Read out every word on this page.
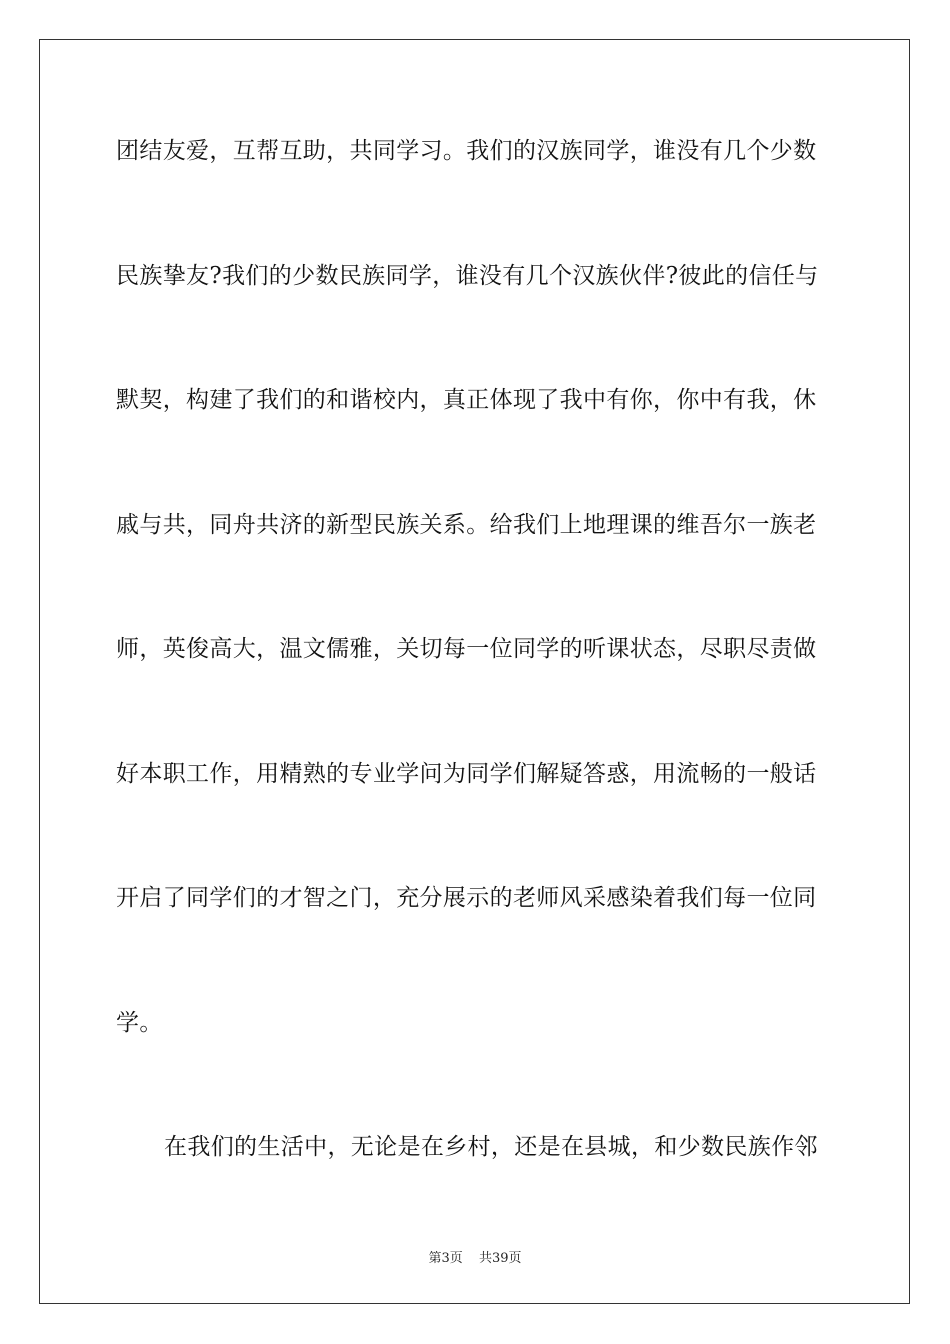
团结友爱，互帮互助，共同学习。我们的汉族同学，谁没有几个少数
民族挚友?我们的少数民族同学，谁没有几个汉族伙伴?彼此的信任与
默契，构建了我们的和谐校内，真正体现了我中有你，你中有我，休
戚与共，同舟共济的新型民族关系。给我们上地理课的维吾尔一族老
师，英俊高大，温文儒雅，关切每一位同学的听课状态，尽职尽责做
好本职工作，用精熟的专业学问为同学们解疑答惑，用流畅的一般话
开启了同学们的才智之门，充分展示的老师风采感染着我们每一位同
学。
在我们的生活中，无论是在乡村，还是在县城，和少数民族作邻
第3页 共39页
